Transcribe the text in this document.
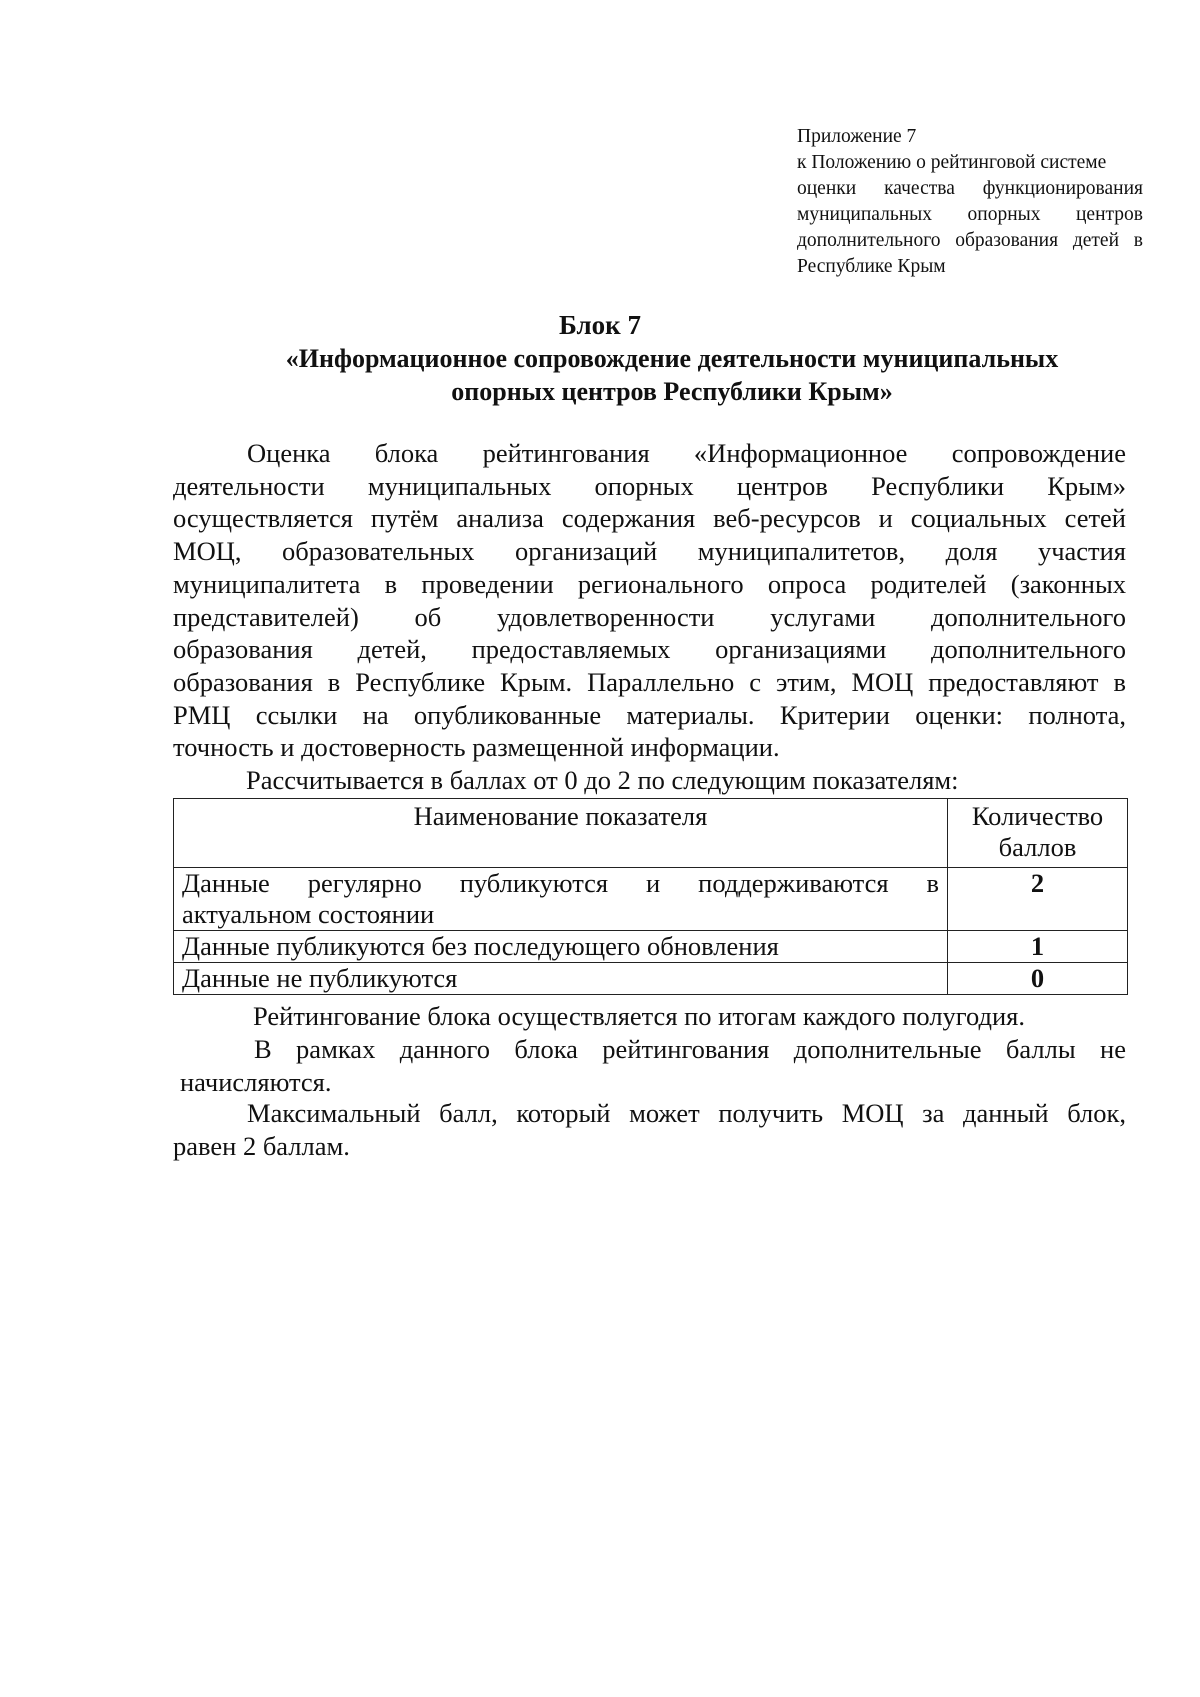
Приложение 7
к Положению о рейтинговой системе
оценки качества функционирования
муниципальных опорных центров
дополнительного образования детей в
Республике Крым
Блок 7
«Информационное сопровождение деятельности муниципальных
опорных центров Республики Крым»
Оценка блока рейтингования «Информационное сопровождение
деятельности муниципальных опорных центров Республики Крым»
осуществляется путём анализа содержания веб-ресурсов и социальных сетей
МОЦ, образовательных организаций муниципалитетов, доля участия
муниципалитета в проведении регионального опроса родителей (законных
представителей) об удовлетворенности услугами дополнительного
образования детей, предоставляемых организациями дополнительного
образования в Республике Крым. Параллельно с этим, МОЦ предоставляют в
РМЦ ссылки на опубликованные материалы. Критерии оценки: полнота,
точность и достоверность размещенной информации.
Рассчитывается в баллах от 0 до 2 по следующим показателям:
Наименование показателя	Количество
баллов

Данные регулярно публикуются и поддерживаются в
актуальном состоянии	2

Данные публикуются без последующего обновления	1

Данные не публикуются	0
Рейтингование блока осуществляется по итогам каждого полугодия.
В рамках данного блока рейтингования дополнительные баллы не
начисляются.
Максимальный балл, который может получить МОЦ за данный блок,
равен 2 баллам.
